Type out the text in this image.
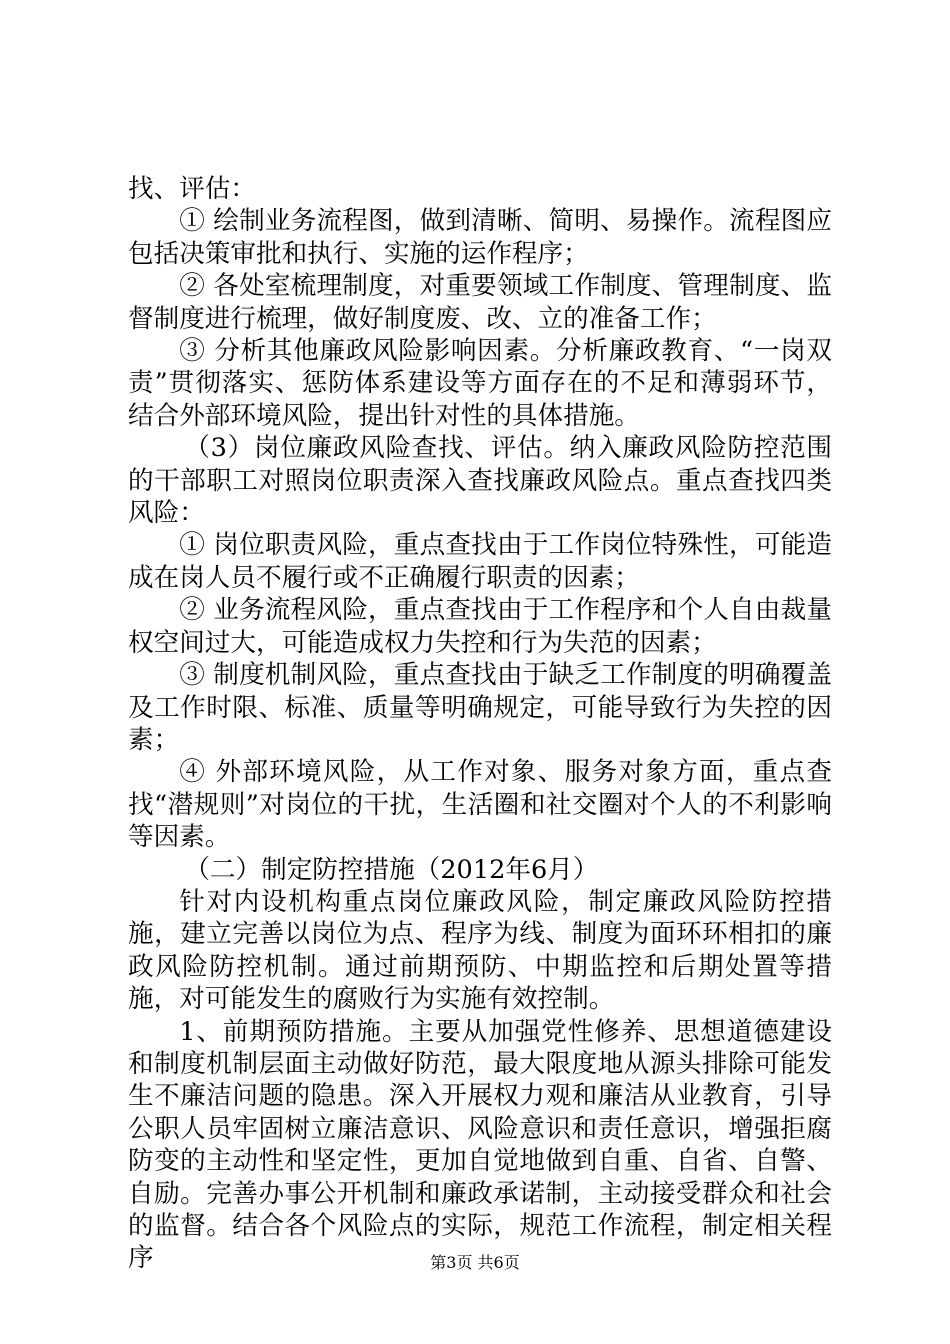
找、评估：

① 绘制业务流程图，做到清晰、简明、易操作。流程图应包括决策审批和执行、实施的运作程序；

② 各处室梳理制度，对重要领域工作制度、管理制度、监督制度进行梳理，做好制度废、改、立的准备工作；

③ 分析其他廉政风险影响因素。分析廉政教育、“一岗双责”贯彻落实、惩防体系建设等方面存在的不足和薄弱环节，结合外部环境风险，提出针对性的具体措施。

（3）岗位廉政风险查找、评估。纳入廉政风险防控范围的干部职工对照岗位职责深入查找廉政风险点。重点查找四类风险：

① 岗位职责风险，重点查找由于工作岗位特殊性，可能造成在岗人员不履行或不正确履行职责的因素；

② 业务流程风险，重点查找由于工作程序和个人自由裁量权空间过大，可能造成权力失控和行为失范的因素；

③ 制度机制风险，重点查找由于缺乏工作制度的明确覆盖及工作时限、标准、质量等明确规定，可能导致行为失控的因素；

④ 外部环境风险，从工作对象、服务对象方面，重点查找“潜规则”对岗位的干扰，生活圈和社交圈对个人的不利影响等因素。

（二）制定防控措施（2012年6月）

针对内设机构重点岗位廉政风险，制定廉政风险防控措施，建立完善以岗位为点、程序为线、制度为面环环相扣的廉政风险防控机制。通过前期预防、中期监控和后期处置等措施，对可能发生的腐败行为实施有效控制。

1、前期预防措施。主要从加强党性修养、思想道德建设和制度机制层面主动做好防范，最大限度地从源头排除可能发生不廉洁问题的隐患。深入开展权力观和廉洁从业教育，引导公职人员牢固树立廉洁意识、风险意识和责任意识，增强拒腐防变的主动性和坚定性，更加自觉地做到自重、自省、自警、自励。完善办事公开机制和廉政承诺制，主动接受群众和社会的监督。结合各个风险点的实际，规范工作流程，制定相关程序	第3页 共6页
